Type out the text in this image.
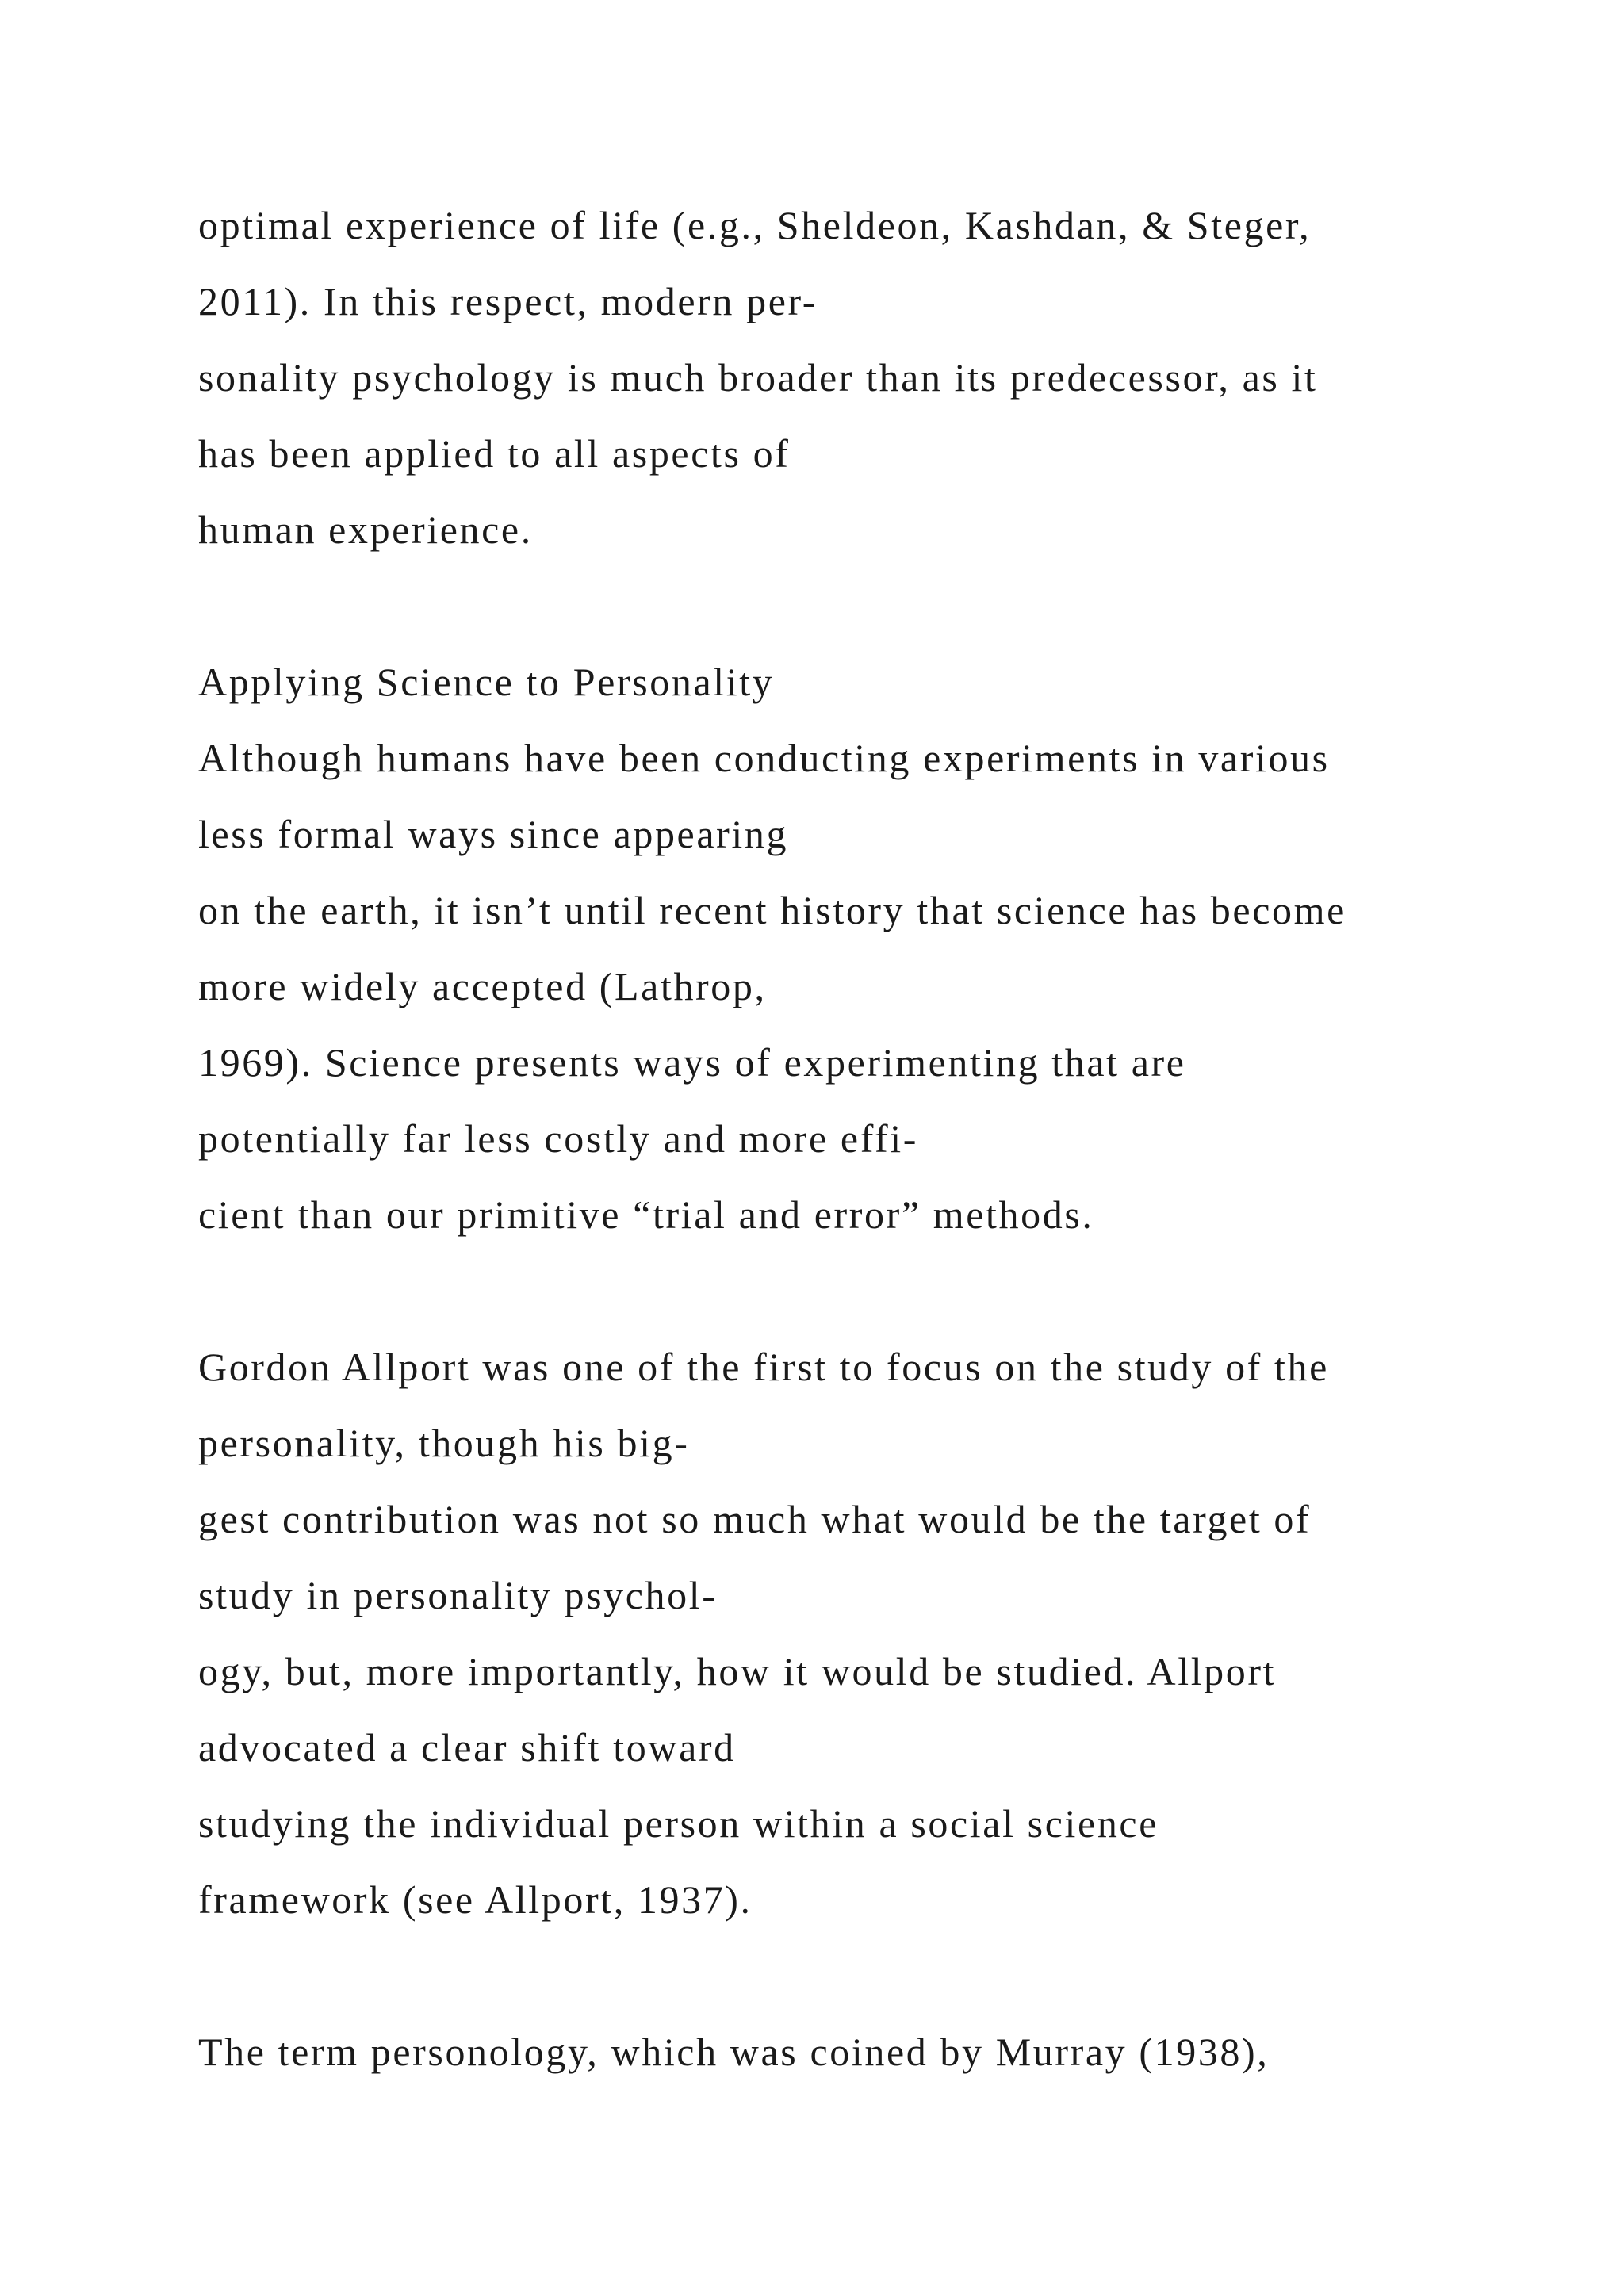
optimal experience of life (e.g., Sheldeon, Kashdan, & Steger,
2011). In this respect, modern per-
sonality psychology is much broader than its predecessor, as it
has been applied to all aspects of
human experience.
Applying Science to Personality
Although humans have been conducting experiments in various
less formal ways since appearing
on the earth, it isn’t until recent history that science has become
more widely accepted (Lathrop,
1969). Science presents ways of experimenting that are
potentially far less costly and more effi-
cient than our primitive “trial and error” methods.
Gordon Allport was one of the first to focus on the study of the
personality, though his big-
gest contribution was not so much what would be the target of
study in personality psychol-
ogy, but, more importantly, how it would be studied. Allport
advocated a clear shift toward
studying the individual person within a social science
framework (see Allport, 1937).
The term personology, which was coined by Murray (1938),
